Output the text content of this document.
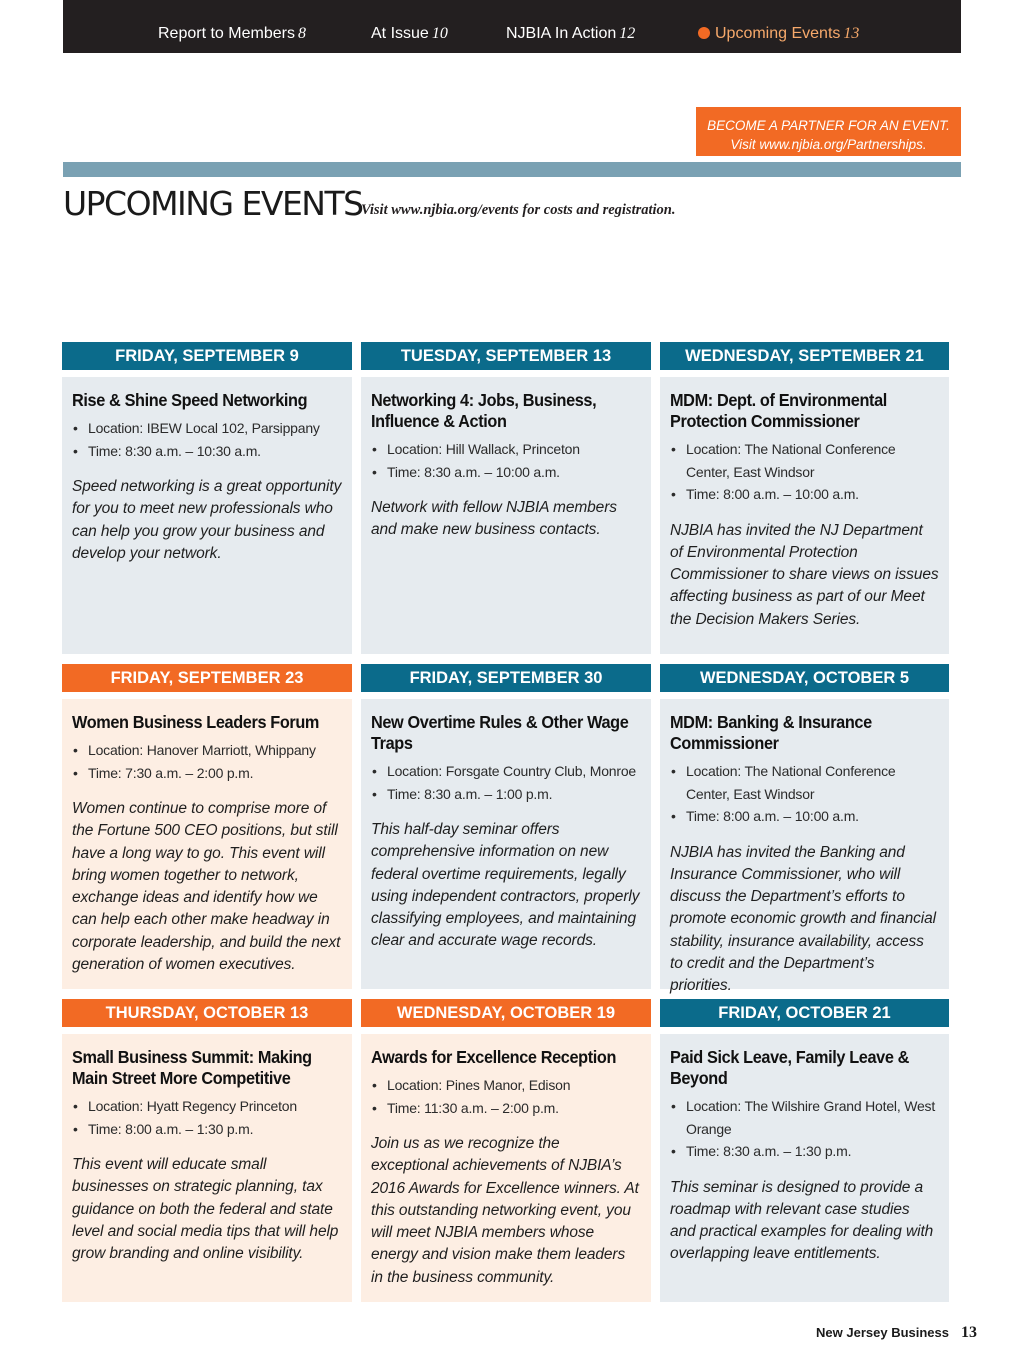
Report to Members 8	At Issue 10	NJBIA In Action 12	Upcoming Events 13
BECOME A PARTNER FOR AN EVENT.
Visit www.njbia.org/Partnerships.
UPCOMING EVENTS
Visit www.njbia.org/events for costs and registration.
FRIDAY, SEPTEMBER 9
Rise & Shine Speed Networking
• Location: IBEW Local 102, Parsippany
• Time: 8:30 a.m. – 10:30 a.m.
Speed networking is a great opportunity for you to meet new professionals who can help you grow your business and develop your network.
TUESDAY, SEPTEMBER 13
Networking 4: Jobs, Business, Influence & Action
• Location: Hill Wallack, Princeton
• Time: 8:30 a.m. – 10:00 a.m.
Network with fellow NJBIA members and make new business contacts.
WEDNESDAY, SEPTEMBER 21
MDM: Dept. of Environmental Protection Commissioner
• Location: The National Conference Center, East Windsor
• Time: 8:00 a.m. – 10:00 a.m.
NJBIA has invited the NJ Department of Environmental Protection Commissioner to share views on issues affecting business as part of our Meet the Decision Makers Series.
FRIDAY, SEPTEMBER 23
Women Business Leaders Forum
• Location: Hanover Marriott, Whippany
• Time: 7:30 a.m. – 2:00 p.m.
Women continue to comprise more of the Fortune 500 CEO positions, but still have a long way to go. This event will bring women together to network, exchange ideas and identify how we can help each other make headway in corporate leadership, and build the next generation of women executives.
FRIDAY, SEPTEMBER 30
New Overtime Rules & Other Wage Traps
• Location: Forsgate Country Club, Monroe
• Time: 8:30 a.m. – 1:00 p.m.
This half-day seminar offers comprehensive information on new federal overtime requirements, legally using independent contractors, properly classifying employees, and maintaining clear and accurate wage records.
WEDNESDAY, OCTOBER 5
MDM: Banking & Insurance Commissioner
• Location: The National Conference Center, East Windsor
• Time: 8:00 a.m. – 10:00 a.m.
NJBIA has invited the Banking and Insurance Commissioner, who will discuss the Department’s efforts to promote economic growth and financial stability, insurance availability, access to credit and the Department’s priorities.
THURSDAY, OCTOBER 13
Small Business Summit: Making Main Street More Competitive
• Location: Hyatt Regency Princeton
• Time: 8:00 a.m. – 1:30 p.m.
This event will educate small businesses on strategic planning, tax guidance on both the federal and state level and social media tips that will help grow branding and online visibility.
WEDNESDAY, OCTOBER 19
Awards for Excellence Reception
• Location: Pines Manor, Edison
• Time: 11:30 a.m. – 2:00 p.m.
Join us as we recognize the exceptional achievements of NJBIA’s 2016 Awards for Excellence winners. At this outstanding networking event, you will meet NJBIA members whose energy and vision make them leaders in the business community.
FRIDAY, OCTOBER 21
Paid Sick Leave, Family Leave & Beyond
• Location: The Wilshire Grand Hotel, West Orange
• Time: 8:30 a.m. – 1:30 p.m.
This seminar is designed to provide a roadmap with relevant case studies and practical examples for dealing with overlapping leave entitlements.
New Jersey Business 13
